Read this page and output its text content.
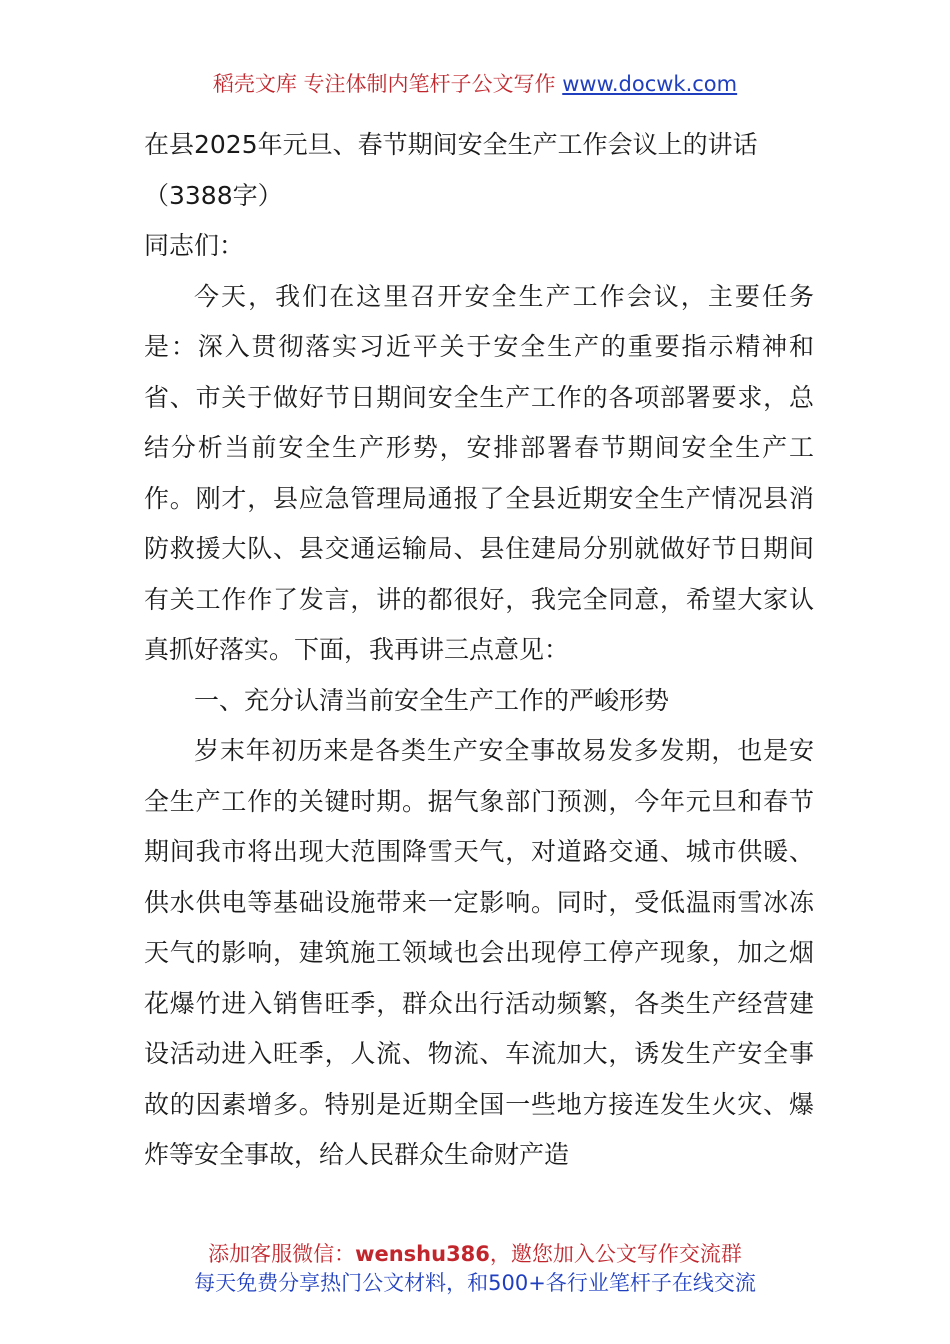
稻壳文库 专注体制内笔杆子公文写作 www.docwk.com

在县2025年元旦、春节期间安全生产工作会议上的讲话

（3388字）

同志们：

今天，我们在这里召开安全生产工作会议，主要任务是：深入贯彻落实习近平关于安全生产的重要指示精神和省、市关于做好节日期间安全生产工作的各项部署要求，总结分析当前安全生产形势，安排部署春节期间安全生产工作。刚才，县应急管理局通报了全县近期安全生产情况县消防救援大队、县交通运输局、县住建局分别就做好节日期间有关工作作了发言，讲的都很好，我完全同意，希望大家认真抓好落实。下面，我再讲三点意见：

一、充分认清当前安全生产工作的严峻形势

岁末年初历来是各类生产安全事故易发多发期，也是安全生产工作的关键时期。据气象部门预测，今年元旦和春节期间我市将出现大范围降雪天气，对道路交通、城市供暖、供水供电等基础设施带来一定影响。同时，受低温雨雪冰冻天气的影响，建筑施工领域也会出现停工停产现象，加之烟花爆竹进入销售旺季，群众出行活动频繁，各类生产经营建设活动进入旺季，人流、物流、车流加大，诱发生产安全事故的因素增多。特别是近期全国一些地方接连发生火灾、爆炸等安全事故，给人民群众生命财产造

添加客服微信：wenshu386，邀您加入公文写作交流群
每天免费分享热门公文材料，和500+各行业笔杆子在线交流
